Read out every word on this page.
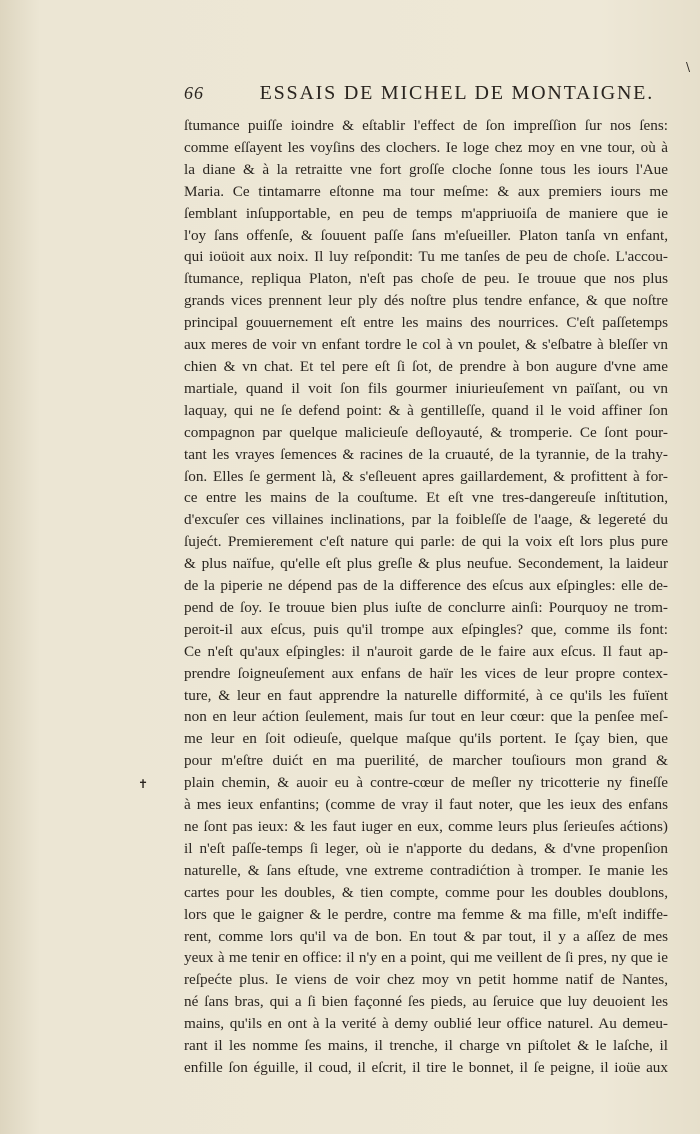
\
✝
66	ESSAIS DE MICHEL DE MONTAIGNE.
ſtumance puiſſe ioindre & eſtablir l'effect de ſon impreſſion ſur nos ſens:
comme eſſayent les voyſins des clochers. Ie loge chez moy en vne tour, où à
la diane & à la retraitte vne fort groſſe cloche ſonne tous les iours l'Aue
Maria. Ce tintamarre eſtonne ma tour meſme: & aux premiers iours me
ſemblant inſupportable, en peu de temps m'appriuoiſa de maniere que ie
l'oy ſans offenſe, & ſouuent paſſe ſans m'eſueiller. Platon tanſa vn enfant,
qui ioüoit aux noix. Il luy reſpondit: Tu me tanſes de peu de choſe. L'accou-
ſtumance, repliqua Platon, n'eſt pas choſe de peu. Ie trouue que nos plus
grands vices prennent leur ply dés noſtre plus tendre enfance, & que noſtre
principal gouuernement eſt entre les mains des nourrices. C'eſt paſſetemps
aux meres de voir vn enfant tordre le col à vn poulet, & s'eſbatre à bleſſer vn
chien & vn chat. Et tel pere eſt ſi ſot, de prendre à bon augure d'vne ame
martiale, quand il voit ſon fils gourmer iniurieuſement vn païſant, ou vn
laquay, qui ne ſe defend point: & à gentilleſſe, quand il le void affiner ſon
compagnon par quelque malicieuſe deſloyauté, & tromperie. Ce ſont pour-
tant les vrayes ſemences & racines de la cruauté, de la tyrannie, de la trahy-
ſon. Elles ſe germent là, & s'eſleuent apres gaillardement, & profittent à for-
ce entre les mains de la couſtume. Et eſt vne tres-dangereuſe inſtitution,
d'excuſer ces villaines inclinations, par la foibleſſe de l'aage, & legereté du
ſujećt. Premierement c'eſt nature qui parle: de qui la voix eſt lors plus pure
& plus naïfue, qu'elle eſt plus greſle & plus neufue. Secondement, la laideur
de la piperie ne dépend pas de la difference des eſcus aux eſpingles: elle de-
pend de ſoy. Ie trouue bien plus iuſte de conclurre ainſi: Pourquoy ne trom-
peroit-il aux eſcus, puis qu'il trompe aux eſpingles? que, comme ils font:
Ce n'eſt qu'aux eſpingles: il n'auroit garde de le faire aux eſcus. Il faut ap-
prendre ſoigneuſement aux enfans de haïr les vices de leur propre contex-
ture, & leur en faut apprendre la naturelle difformité, à ce qu'ils les fuïent
non en leur aćtion ſeulement, mais ſur tout en leur cœur: que la penſee meſ-
me leur en ſoit odieuſe, quelque maſque qu'ils portent. Ie ſçay bien, que
pour m'eſtre duićt en ma puerilité, de marcher touſiours mon grand &
plain chemin, & auoir eu à contre-cœur de meſler ny tricotterie ny fineſſe
à mes ieux enfantins; (comme de vray il faut noter, que les ieux des enfans
ne ſont pas ieux: & les faut iuger en eux, comme leurs plus ſerieuſes aćtions)
il n'eſt paſſe-temps ſi leger, où ie n'apporte du dedans, & d'vne propenſion
naturelle, & ſans eſtude, vne extreme contradićtion à tromper. Ie manie les
cartes pour les doubles, & tien compte, comme pour les doubles doublons,
lors que le gaigner & le perdre, contre ma femme & ma fille, m'eſt indiffe-
rent, comme lors qu'il va de bon. En tout & par tout, il y a aſſez de mes
yeux à me tenir en office: il n'y en a point, qui me veillent de ſi pres, ny que ie
reſpećte plus. Ie viens de voir chez moy vn petit homme natif de Nantes,
né ſans bras, qui a ſi bien façonné ſes pieds, au ſeruice que luy deuoient les
mains, qu'ils en ont à la verité à demy oublié leur office naturel. Au demeu-
rant il les nomme ſes mains, il trenche, il charge vn piſtolet & le laſche, il
enfille ſon éguille, il coud, il eſcrit, il tire le bonnet, il ſe peigne, il ioüe aux
